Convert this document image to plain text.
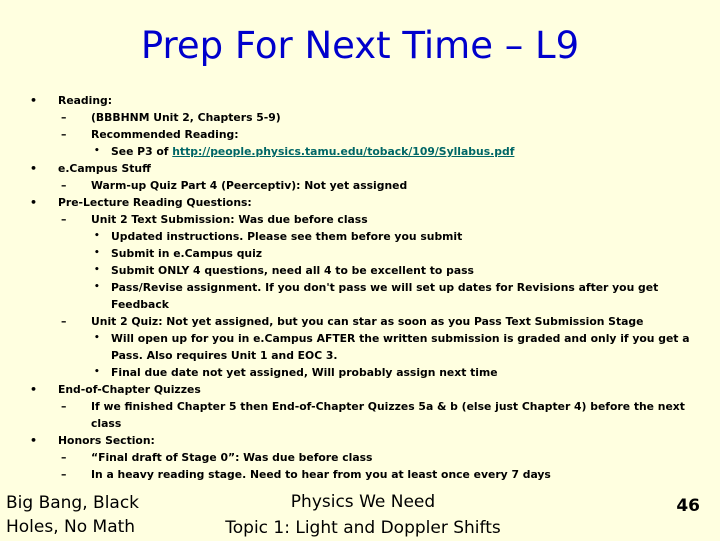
Prep For Next Time – L9
• Reading:
– (BBBHNM Unit 2, Chapters 5-9)
– Recommended Reading:
• See P3 of http://people.physics.tamu.edu/toback/109/Syllabus.pdf
• e.Campus Stuff
– Warm-up Quiz Part 4 (Peerceptiv): Not yet assigned
• Pre-Lecture Reading Questions:
– Unit 2 Text Submission: Was due before class
• Updated instructions. Please see them before you submit
• Submit in e.Campus quiz
• Submit ONLY 4 questions, need all 4 to be excellent to pass
• Pass/Revise assignment. If you don't pass we will set up dates for Revisions after you get Feedback
– Unit 2 Quiz: Not yet assigned, but you can star as soon as you Pass Text Submission Stage
• Will open up for you in e.Campus AFTER the written submission is graded and only if you get a Pass. Also requires Unit 1 and EOC 3.
• Final due date not yet assigned, Will probably assign next time
• End-of-Chapter Quizzes
– If we finished Chapter 5 then End-of-Chapter Quizzes 5a & b (else just Chapter 4) before the next class
• Honors Section:
– “Final draft of Stage 0”: Was due before class
– In a heavy reading stage. Need to hear from you at least once every 7 days
Big Bang, Black
Holes, No Math
Physics We Need
Topic 1: Light and Doppler Shifts
46
